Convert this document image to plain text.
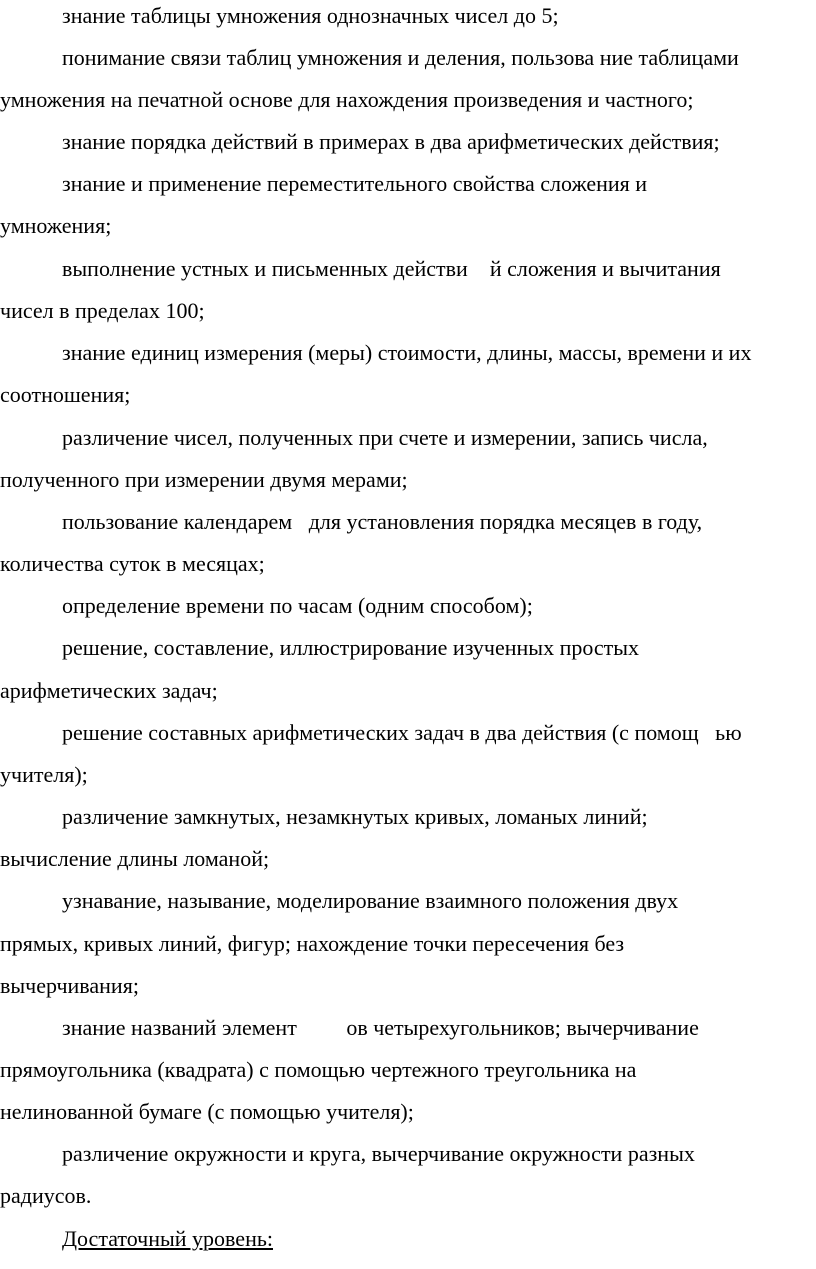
знание таблицы умножения однозначных чисел до 5;
понимание связи таблиц умножения и деления, пользова ние таблицами
умножения на печатной основе для нахождения произведения и частного;
знание порядка действий в примерах в два арифметических действия;
знание и применение переместительного свойства сложения и
умножения;
выполнение устных и письменных действи    й сложения и вычитания
чисел в пределах 100;
знание единиц измерения (меры) стоимости, длины, массы, времени и их
соотношения;
различение чисел, полученных при счете и измерении, запись числа,
полученного при измерении двумя мерами;
пользование календарем   для установления порядка месяцев в году,
количества суток в месяцах;
определение времени по часам (одним способом);
решение, составление, иллюстрирование изученных простых
арифметических задач;
решение составных арифметических задач в два действия (с помощ   ью
учителя);
различение замкнутых, незамкнутых кривых, ломаных линий;
вычисление длины ломаной;
узнавание, называние, моделирование взаимного положения двух
прямых, кривых линий, фигур; нахождение точки пересечения без
вычерчивания;
знание названий элемент         ов четырехугольников; вычерчивание
прямоугольника (квадрата) с помощью чертежного треугольника на
нелинованной бумаге (с помощью учителя);
различение окружности и круга, вычерчивание окружности разных
радиусов.
Достаточный уровень:
